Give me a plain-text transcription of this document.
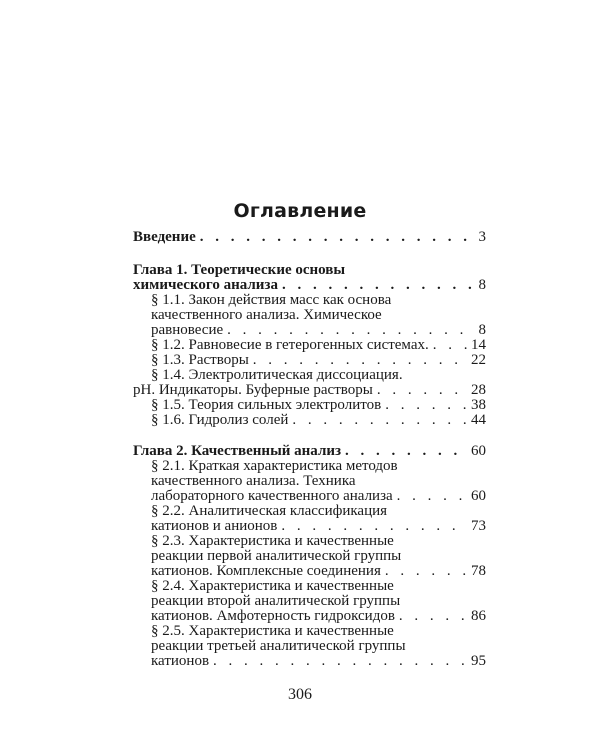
Оглавление
Введение . . .	3
Глава 1. Теоретические основы
химического анализа . . .	8
§ 1.1. Закон действия масс как основа
качественного анализа. Химическое
равновесие . . .	8
§ 1.2. Равновесие в гетерогенных системах. . . .	14
§ 1.3. Растворы . . .	22
§ 1.4. Электролитическая диссоциация.
pH. Индикаторы. Буферные растворы . . .	28
§ 1.5. Теория сильных электролитов . . .	38
§ 1.6. Гидролиз солей . . .	44
Глава 2. Качественный анализ . . .	60
§ 2.1. Краткая характеристика методов
качественного анализа. Техника
лабораторного качественного анализа . . .	60
§ 2.2. Аналитическая классификация
катионов и анионов . . .	73
§ 2.3. Характеристика и качественные
реакции первой аналитической группы
катионов. Комплексные соединения . . .	78
§ 2.4. Характеристика и качественные
реакции второй аналитической группы
катионов. Амфотерность гидроксидов . . .	86
§ 2.5. Характеристика и качественные
реакции третьей аналитической группы
катионов . . .	95
306
